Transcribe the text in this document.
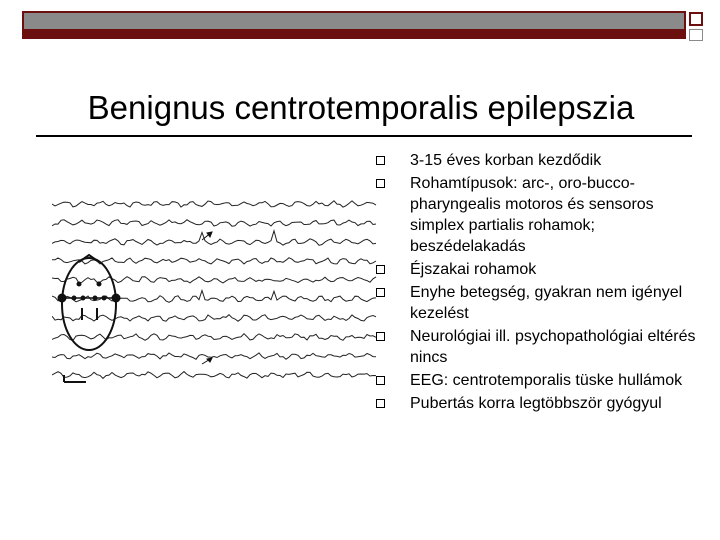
Benignus centrotemporalis epilepszia
3-15 éves korban kezdődik
Rohamtípusok: arc-, oro-bucco-pharyngealis motoros és sensoros simplex partialis rohamok; beszédelakadás
Éjszakai rohamok
Enyhe betegség, gyakran nem igényel kezelést
Neurológiai ill. psychopathológiai eltérés nincs
EEG: centrotemporalis tüske hullámok
Pubertás korra legtöbbször gyógyul
